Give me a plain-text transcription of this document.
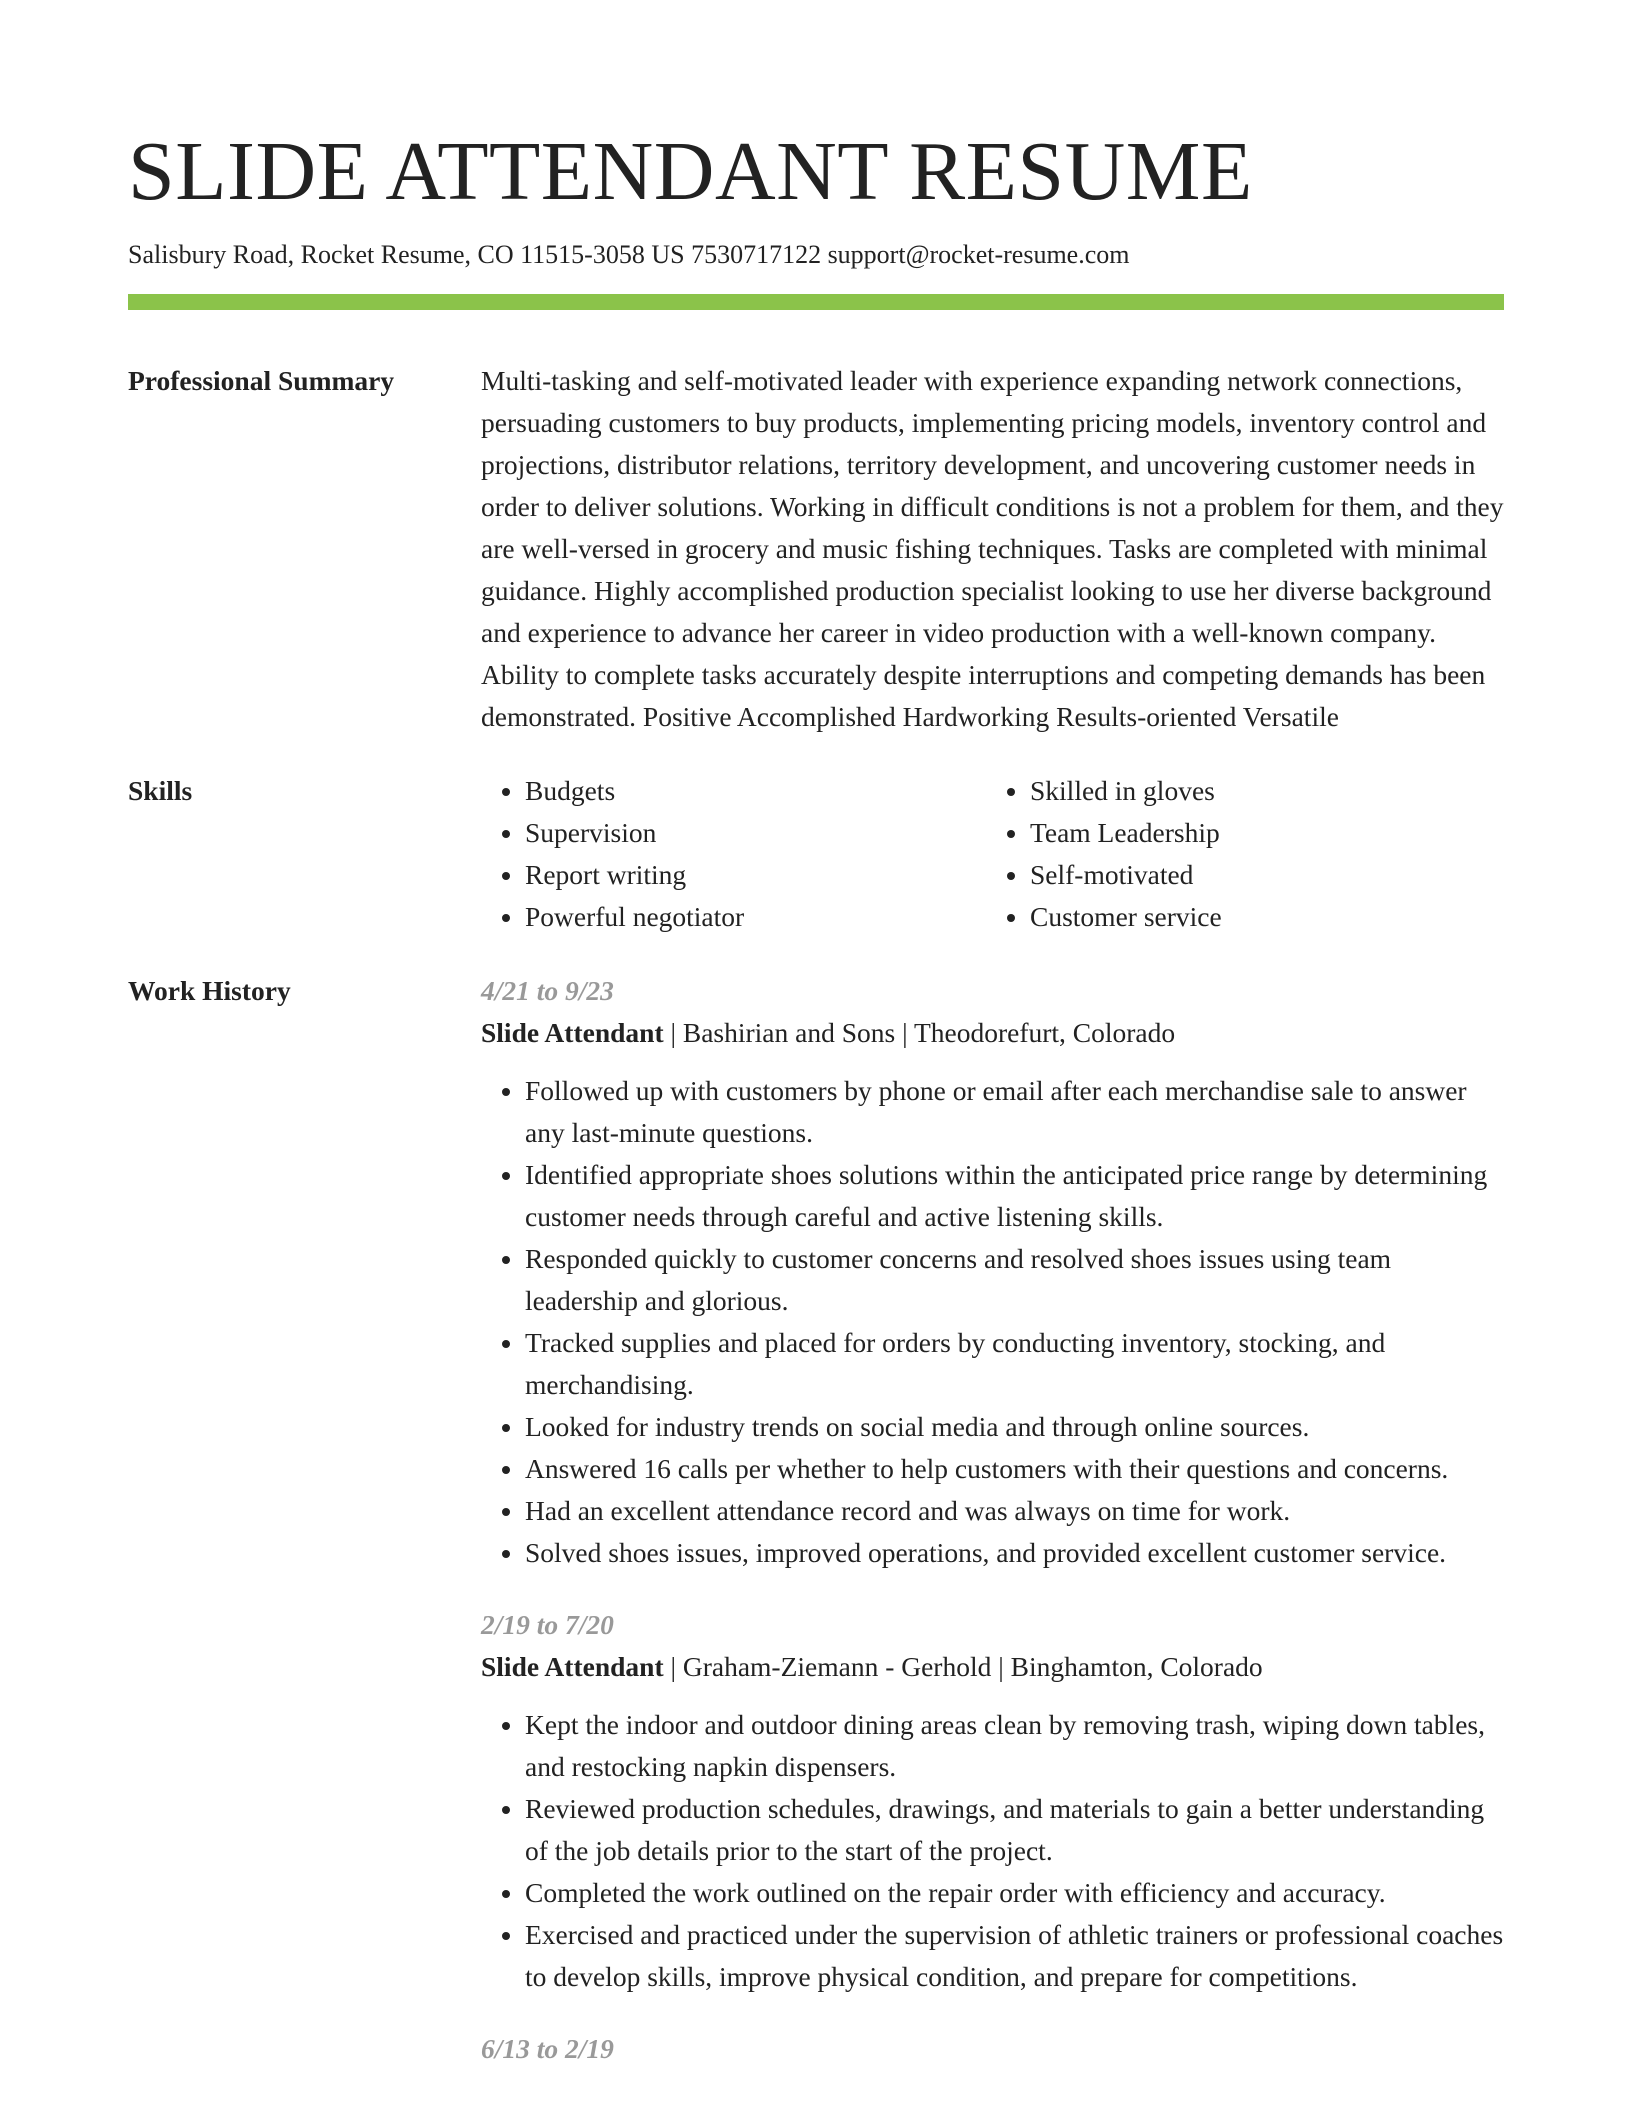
SLIDE ATTENDANT RESUME
Salisbury Road, Rocket Resume, CO 11515-3058 US 7530717122 support@rocket-resume.com
Professional Summary	Multi-tasking and self-motivated leader with experience expanding network connections, persuading customers to buy products, implementing pricing models, inventory control and projections, distributor relations, territory development, and uncovering customer needs in order to deliver solutions. Working in difficult conditions is not a problem for them, and they are well-versed in grocery and music fishing techniques. Tasks are completed with minimal guidance. Highly accomplished production specialist looking to use her diverse background and experience to advance her career in video production with a well-known company. Ability to complete tasks accurately despite interruptions and competing demands has been demonstrated. Positive Accomplished Hardworking Results-oriented Versatile
Skills
•	Budgets
• Supervision
• Report writing
• Powerful negotiator
• Skilled in gloves
• Team Leadership
• Self-motivated
• Customer service
Work History	4/21 to 9/23
Slide Attendant | Bashirian and Sons | Theodorefurt, Colorado
• Followed up with customers by phone or email after each merchandise sale to answer any last-minute questions.
• Identified appropriate shoes solutions within the anticipated price range by determining customer needs through careful and active listening skills.
• Responded quickly to customer concerns and resolved shoes issues using team leadership and glorious.
• Tracked supplies and placed for orders by conducting inventory, stocking, and merchandising.
• Looked for industry trends on social media and through online sources.
• Answered 16 calls per whether to help customers with their questions and concerns.
• Had an excellent attendance record and was always on time for work.
• Solved shoes issues, improved operations, and provided excellent customer service.
2/19 to 7/20
Slide Attendant | Graham-Ziemann - Gerhold | Binghamton, Colorado
• Kept the indoor and outdoor dining areas clean by removing trash, wiping down tables, and restocking napkin dispensers.
• Reviewed production schedules, drawings, and materials to gain a better understanding of the job details prior to the start of the project.
• Completed the work outlined on the repair order with efficiency and accuracy.
• Exercised and practiced under the supervision of athletic trainers or professional coaches to develop skills, improve physical condition, and prepare for competitions.
6/13 to 2/19
